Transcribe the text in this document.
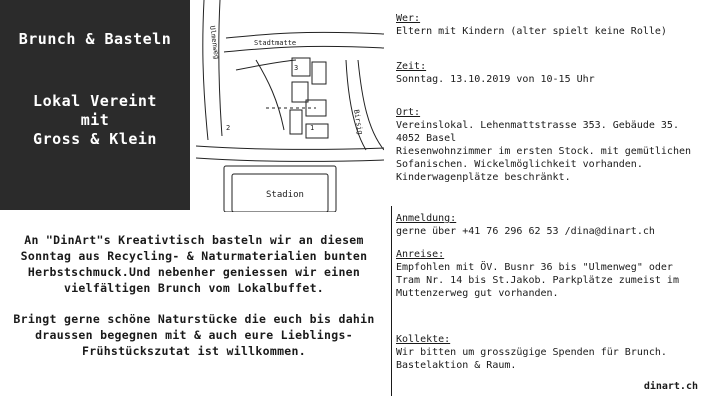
Brunch & Basteln
Lokal Vereint
mit
Gross & Klein
Stadtmatte
Birsig
Ulmenweg
Stadion
3
1
2

An "DinArt"s Kreativtisch basteln wir an diesem Sonntag aus Recycling- & Naturmaterialien bunten Herbstschmuck.Und nebenher geniessen wir einen vielfältigen Brunch vom Lokalbuffet.

Bringt gerne schöne Naturstücke die euch bis dahin draussen begegnen mit & auch eure Lieblings-Frühstückszutat ist willkommen.

Wer:
Eltern mit Kindern (alter spielt keine Rolle)
Zeit:
Sonntag. 13.10.2019 von 10-15 Uhr
Ort:
Vereinslokal. Lehenmattstrasse 353. Gebäude 35. 4052 Basel
Riesenwohnzimmer im ersten Stock. mit gemütlichen Sofanischen. Wickelmöglichkeit vorhanden. Kinderwagenplätze beschränkt.
Anmeldung:
gerne über +41 76 296 62 53 /dina@dinart.ch
Anreise:
Empfohlen mit ÖV. Busnr 36 bis "Ulmenweg" oder Tram Nr. 14 bis St.Jakob. Parkplätze zumeist im Muttenzerweg gut vorhanden.
Kollekte:
Wir bitten um grosszügige Spenden für Brunch. Bastelaktion & Raum.
dinart.ch
